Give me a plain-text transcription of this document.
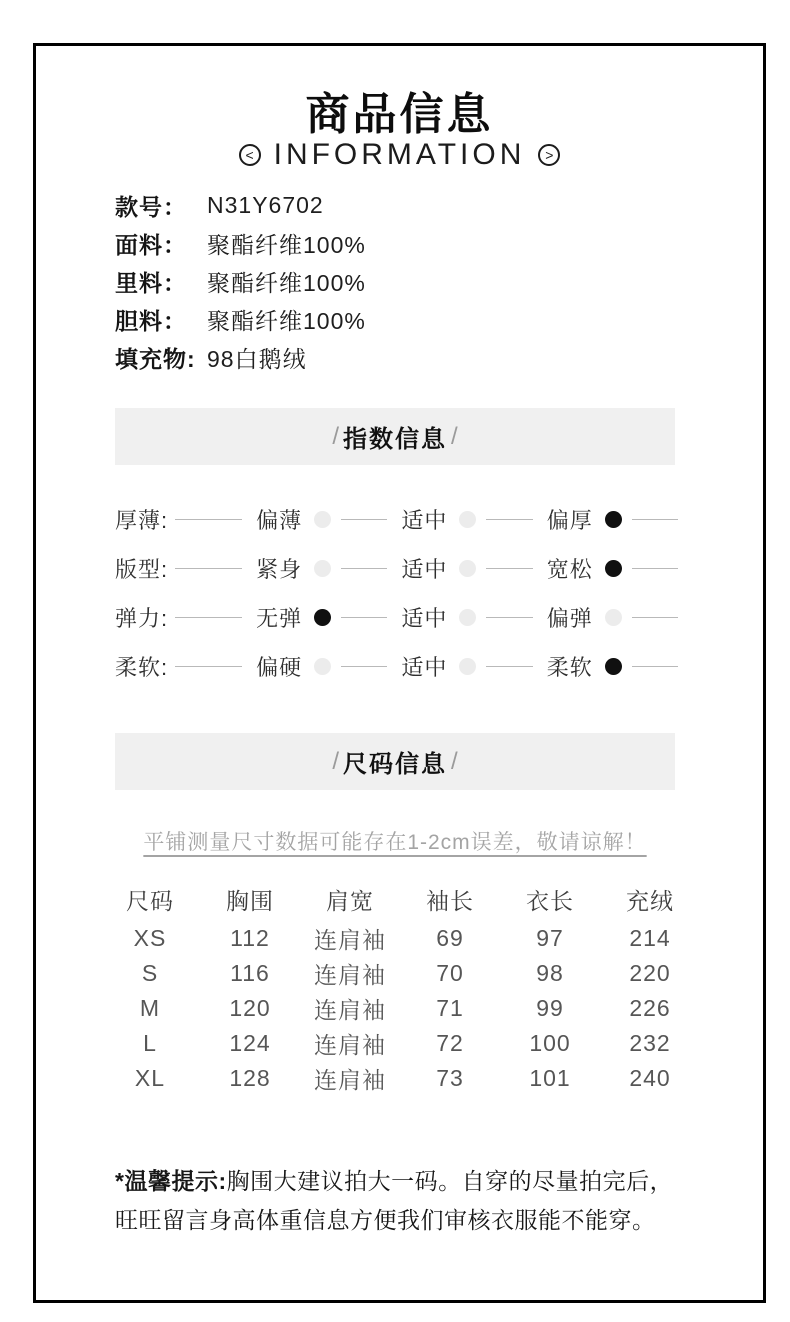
商品信息
< INFORMATION	>
款号： N31Y6702
面料： 聚酯纤维100%
里料： 聚酯纤维100%
胆料： 聚酯纤维100%
填充物: 98白鹅绒
/ 指数信息 /
厚薄:	偏薄	适中	偏厚
版型:	紧身	适中	宽松
弹力:	无弹	适中	偏弹
柔软:	偏硬	适中	柔软
/ 尺码信息 /
平铺测量尺寸数据可能存在1-2cm误差，敬请谅解！
尺码	胸围	肩宽	袖长	衣长	充绒
XS	112	连肩袖	69	97	214
S	116	连肩袖	70	98	220
M	120	连肩袖	71	99	226
L	124	连肩袖	72	100	232
XL	128	连肩袖	73	101	240
*温馨提示:胸围大建议拍大一码。自穿的尽量拍完后，旺旺留言身高体重信息方便我们审核衣服能不能穿。
